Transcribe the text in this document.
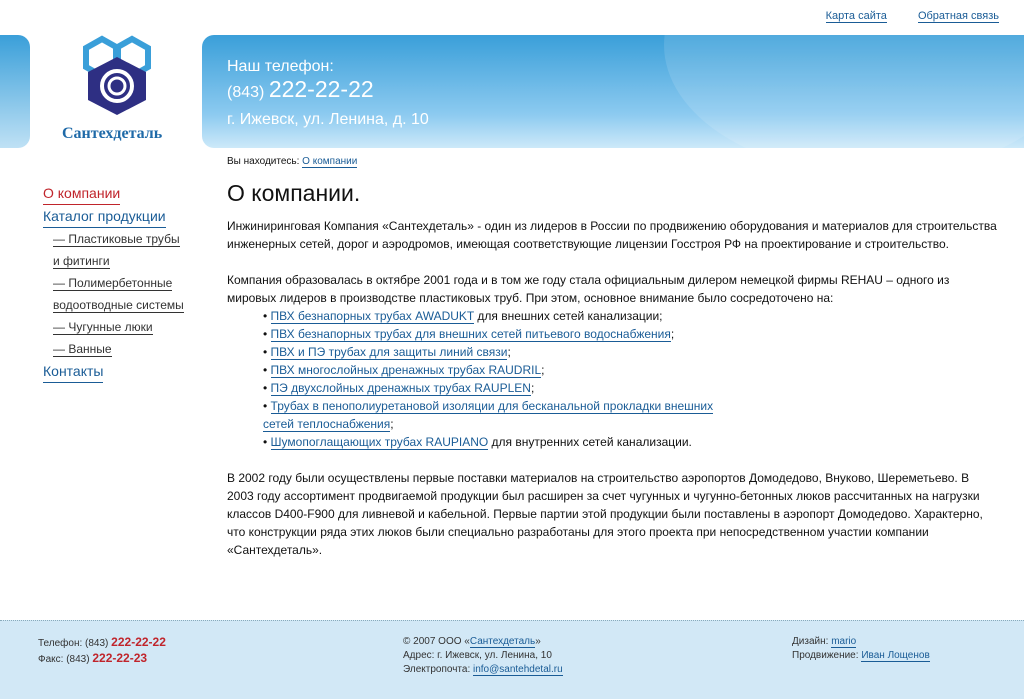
Карта сайта	Обратная связь
Сантехдеталь
Наш телефон:
(843) 222-22-22
г. Ижевск, ул. Ленина, д. 10
Вы находитесь: О компании
О компании
Каталог продукции
— Пластиковые трубы
и фитинги
— Полимербетонные
водоотводные системы
— Чугунные люки
— Ванные
Контакты
О компании.

Инжиниринговая Компания «Сантехдеталь» - один из лидеров в России по продвижению оборудования и материалов для строительства инженерных сетей, дорог и аэродромов, имеющая соответствующие лицензии Госстроя РФ на проектирование и строительство.

Компания образовалась в октябре 2001 года и в том же году стала официальным дилером немецкой фирмы REHAU – одного из мировых лидеров в производстве пластиковых труб. При этом, основное внимание было сосредоточено на:

• ПВХ безнапорных трубах AWADUKT для внешних сетей канализации;
• ПВХ безнапорных трубах для внешних сетей питьевого водоснабжения;
• ПВХ и ПЭ трубах для защиты линий связи;
• ПВХ многослойных дренажных трубах RAUDRIL;
• ПЭ двухслойных дренажных трубах RAUPLEN;
• Трубах в пенополиуретановой изоляции для бесканальной прокладки внешних сетей теплоснабжения;
• Шумопоглащающих трубах RAUPIANO для внутренних сетей канализации.

В 2002 году были осуществлены первые поставки материалов на строительство аэропортов Домодедово, Внуково, Шереметьево. В 2003 году ассортимент продвигаемой продукции был расширен за счет чугунных и чугунно-бетонных люков рассчитанных на нагрузки классов D400-F900 для ливневой и кабельной. Первые партии этой продукции были поставлены в аэропорт Домодедово. Характерно, что конструкции ряда этих люков были специально разработаны для этого проекта при непосредственном участии компании «Сантехдеталь».

Телефон: (843) 222-22-22
Факс: (843) 222-22-23
© 2007 ООО «Сантехдеталь»
Адрес: г. Ижевск, ул. Ленина, 10
Электропочта: info@santehdetal.ru
Дизайн: mario
Продвижение: Иван Лощенов
